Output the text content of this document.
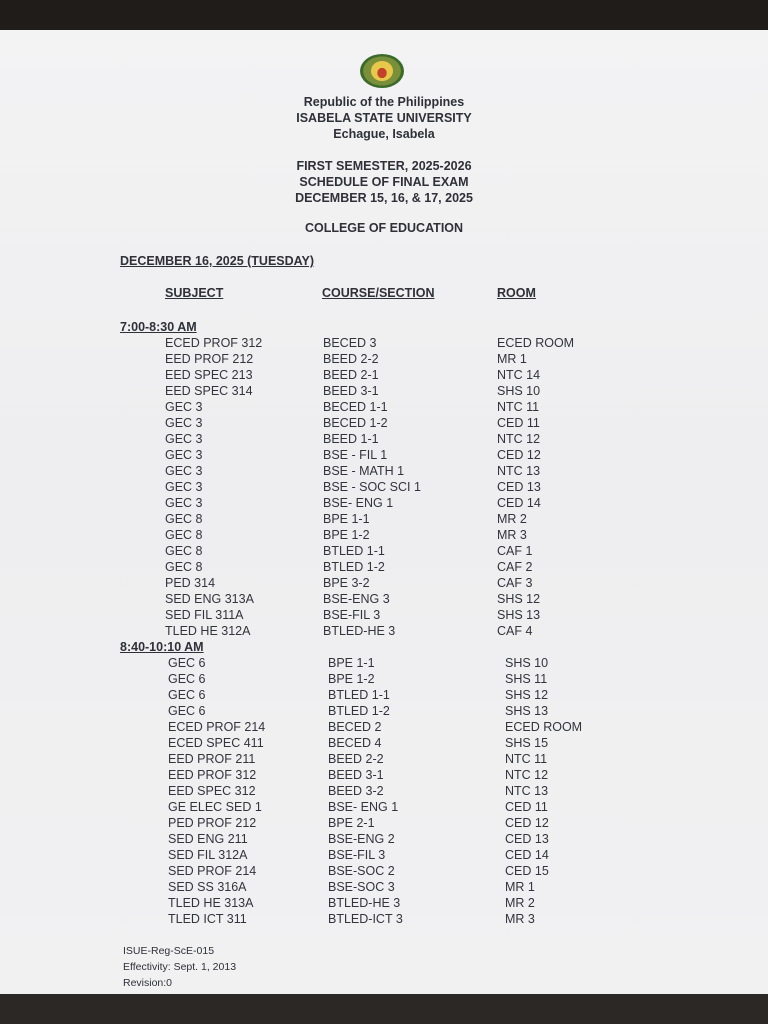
Republic of the Philippines
ISABELA STATE UNIVERSITY
Echague, Isabela
FIRST SEMESTER, 2025-2026
SCHEDULE OF FINAL EXAM
DECEMBER 15, 16, & 17, 2025
COLLEGE OF EDUCATION
DECEMBER 16, 2025 (TUESDAY)
SUBJECT	COURSE/SECTION	ROOM
7:00-8:30 AM
ECED PROF 312	BECED 3	ECED ROOM
EED PROF 212	BEED 2-2	MR 1
EED SPEC 213	BEED 2-1	NTC 14
EED SPEC 314	BEED 3-1	SHS 10
GEC 3	BECED 1-1	NTC 11
GEC 3	BECED 1-2	CED 11
GEC 3	BEED 1-1	NTC 12
GEC 3	BSE - FIL 1	CED 12
GEC 3	BSE - MATH 1	NTC 13
GEC 3	BSE - SOC SCI 1	CED 13
GEC 3	BSE- ENG 1	CED 14
GEC 8	BPE 1-1	MR 2
GEC 8	BPE 1-2	MR 3
GEC 8	BTLED 1-1	CAF 1
GEC 8	BTLED 1-2	CAF 2
PED 314	BPE 3-2	CAF 3
SED ENG 313A	BSE-ENG 3	SHS 12
SED FIL 311A	BSE-FIL 3	SHS 13
TLED HE 312A	BTLED-HE 3	CAF 4
8:40-10:10 AM
GEC 6	BPE 1-1	SHS 10
GEC 6	BPE 1-2	SHS 11
GEC 6	BTLED 1-1	SHS 12
GEC 6	BTLED 1-2	SHS 13
ECED PROF 214	BECED 2	ECED ROOM
ECED SPEC 411	BECED 4	SHS 15
EED PROF 211	BEED 2-2	NTC 11
EED PROF 312	BEED 3-1	NTC 12
EED SPEC 312	BEED 3-2	NTC 13
GE ELEC SED 1	BSE- ENG 1	CED 11
PED PROF 212	BPE 2-1	CED 12
SED ENG 211	BSE-ENG 2	CED 13
SED FIL 312A	BSE-FIL 3	CED 14
SED PROF 214	BSE-SOC 2	CED 15
SED SS 316A	BSE-SOC 3	MR 1
TLED HE 313A	BTLED-HE 3	MR 2
TLED ICT 311	BTLED-ICT 3	MR 3
ISUE-Reg-ScE-015
Effectivity: Sept. 1, 2013
Revision:0
